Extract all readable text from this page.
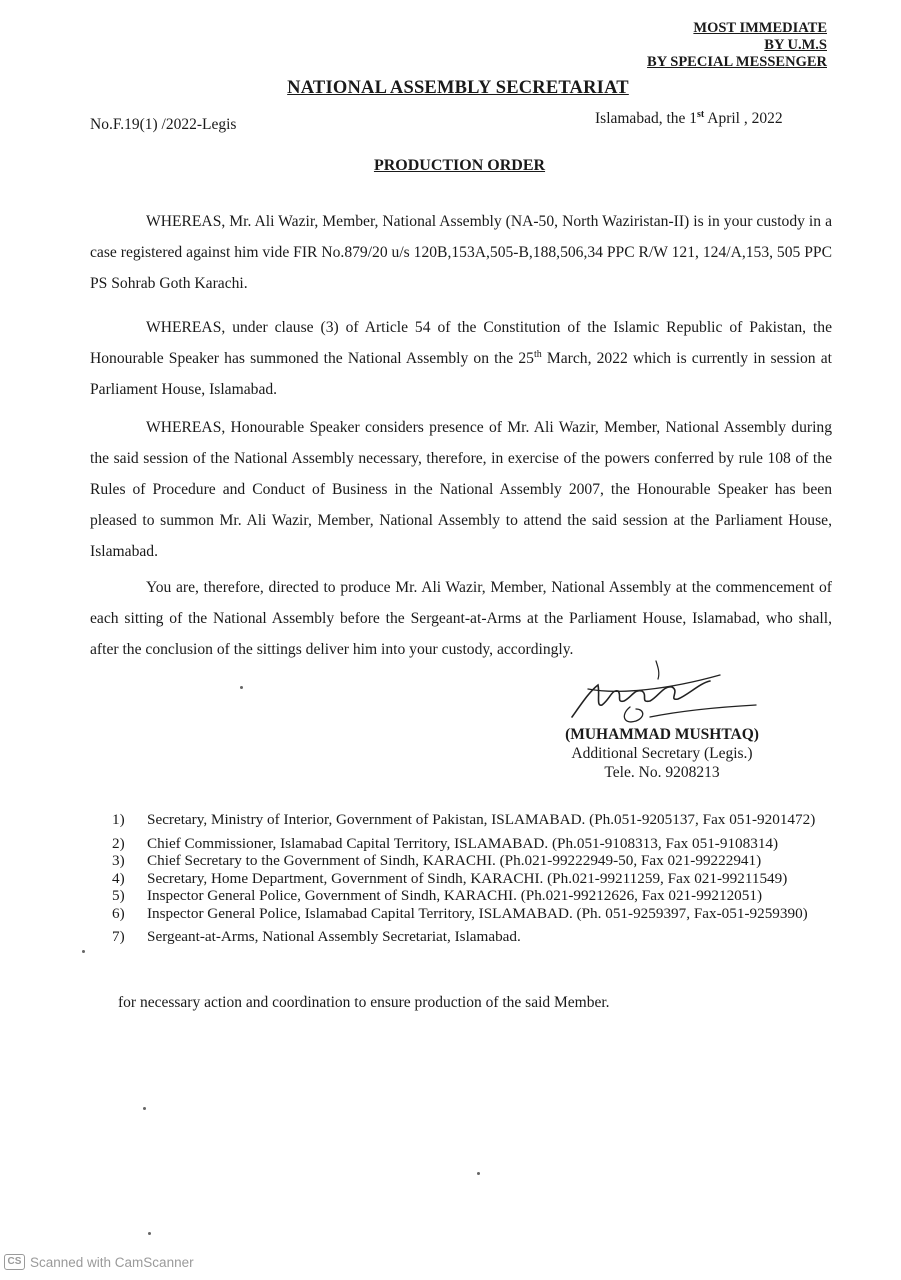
MOST IMMEDIATE
BY U.M.S
BY SPECIAL MESSENGER
NATIONAL ASSEMBLY SECRETARIAT
No.F.19(1) /2022-Legis	Islamabad, the 1st April , 2022
PRODUCTION ORDER

WHEREAS, Mr. Ali Wazir, Member, National Assembly (NA-50, North Waziristan-II) is in your custody in a case registered against him vide FIR No.879/20 u/s 120B,153A,505-B,188,506,34 PPC R/W 121, 124/A,153, 505 PPC PS Sohrab Goth Karachi.

WHEREAS, under clause (3) of Article 54 of the Constitution of the Islamic Republic of Pakistan, the Honourable Speaker has summoned the National Assembly on the 25th March, 2022 which is currently in session at Parliament House, Islamabad.

WHEREAS, Honourable Speaker considers presence of Mr. Ali Wazir, Member, National Assembly during the said session of the National Assembly necessary, therefore, in exercise of the powers conferred by rule 108 of the Rules of Procedure and Conduct of Business in the National Assembly 2007, the Honourable Speaker has been pleased to summon Mr. Ali Wazir, Member, National Assembly to attend the said session at the Parliament House, Islamabad.

You are, therefore, directed to produce Mr. Ali Wazir, Member, National Assembly at the commencement of each sitting of the National Assembly before the Sergeant-at-Arms at the Parliament House, Islamabad, who shall, after the conclusion of the sittings deliver him into your custody, accordingly.

(MUHAMMAD MUSHTAQ)
Additional Secretary (Legis.)
Tele. No. 9208213
1)	Secretary, Ministry of Interior, Government of Pakistan, ISLAMABAD. (Ph.051-9205137, Fax 051-9201472)
2)	Chief Commissioner, Islamabad Capital Territory, ISLAMABAD. (Ph.051-9108313, Fax 051-9108314)
3)	Chief Secretary to the Government of Sindh, KARACHI. (Ph.021-99222949-50, Fax 021-99222941)
4)	Secretary, Home Department, Government of Sindh, KARACHI. (Ph.021-99211259, Fax 021-99211549)
5)	Inspector General Police, Government of Sindh, KARACHI. (Ph.021-99212626, Fax 021-99212051)
6)	Inspector General Police, Islamabad Capital Territory, ISLAMABAD. (Ph. 051-9259397, Fax-051-9259390)
7)	Sergeant-at-Arms, National Assembly Secretariat, Islamabad.
for necessary action and coordination to ensure production of the said Member.
CS Scanned with CamScanner
